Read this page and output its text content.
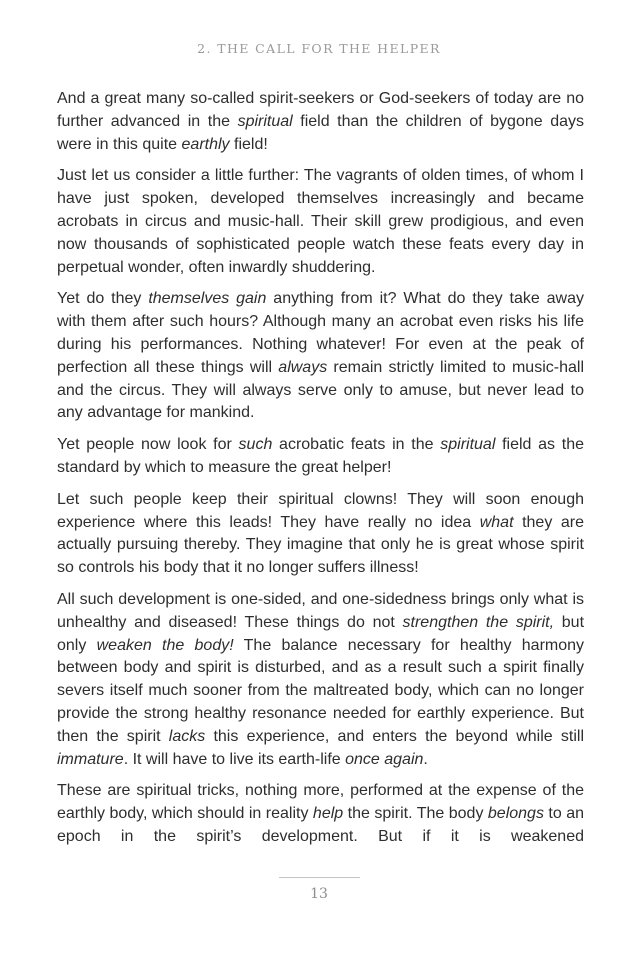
2. THE CALL FOR THE HELPER

And a great many so-called spirit-seekers or God-seekers of today are no further advanced in the spiritual field than the children of bygone days were in this quite earthly field!

Just let us consider a little further: The vagrants of olden times, of whom I have just spoken, developed themselves increasingly and became acrobats in circus and music-hall. Their skill grew prodigious, and even now thousands of sophisticated people watch these feats every day in perpetual wonder, often inwardly shuddering.

Yet do they themselves gain anything from it? What do they take away with them after such hours? Although many an acrobat even risks his life during his performances. Nothing whatever! For even at the peak of perfection all these things will always remain strictly limited to music-hall and the circus. They will always serve only to amuse, but never lead to any advantage for mankind.

Yet people now look for such acrobatic feats in the spiritual field as the standard by which to measure the great helper!

Let such people keep their spiritual clowns! They will soon enough experience where this leads! They have really no idea what they are actually pursuing thereby. They imagine that only he is great whose spirit so controls his body that it no longer suffers illness!

All such development is one-sided, and one-sidedness brings only what is unhealthy and diseased! These things do not strengthen the spirit, but only weaken the body! The balance necessary for healthy harmony between body and spirit is disturbed, and as a result such a spirit finally severs itself much sooner from the maltreated body, which can no longer provide the strong healthy resonance needed for earthly experience. But then the spirit lacks this experience, and enters the beyond while still immature. It will have to live its earth-life once again.

These are spiritual tricks, nothing more, performed at the expense of the earthly body, which should in reality help the spirit. The body belongs to an epoch in the spirit’s development. But if it is weakened

13
